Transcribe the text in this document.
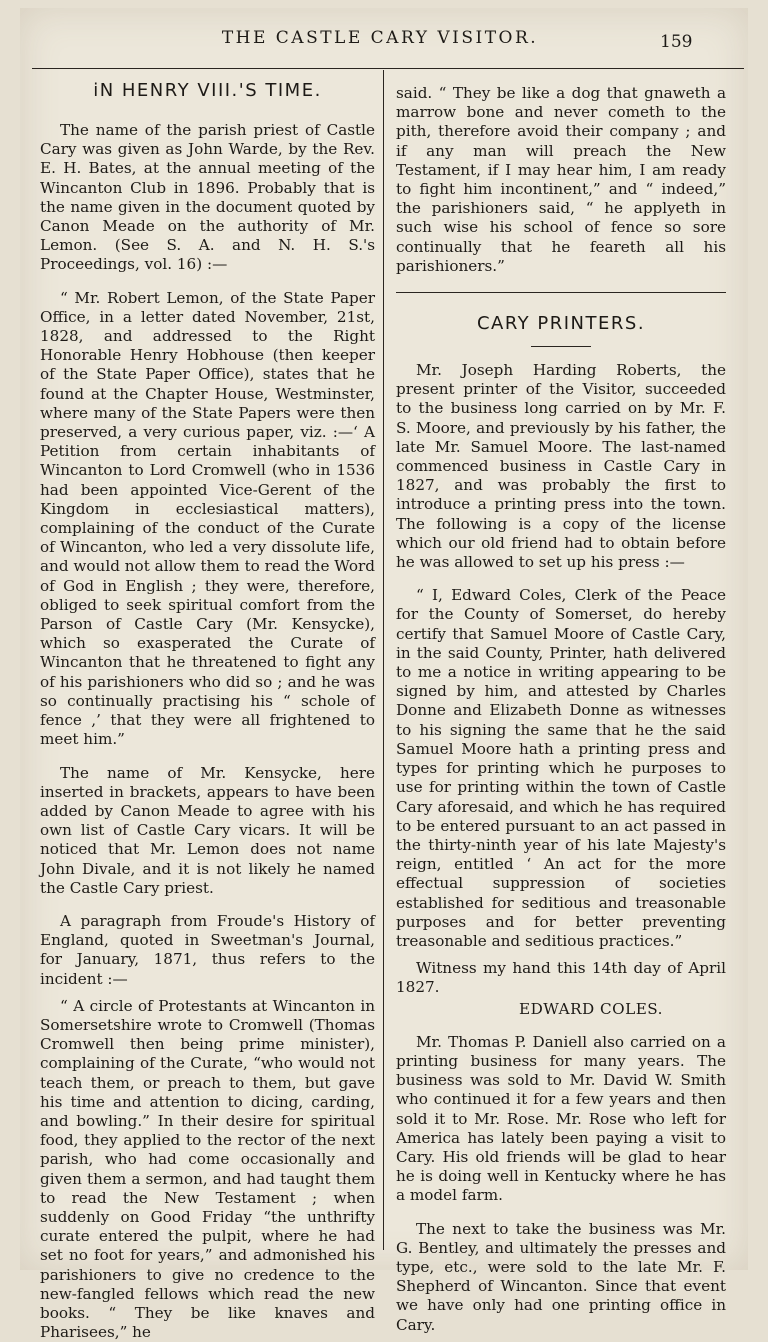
THE CASTLE CARY VISITOR.	159
iN HENRY VIII.'S TIME.

The name of the parish priest of Castle Cary was given as John Warde, by the Rev. E. H. Bates, at the annual meeting of the Wincanton Club in 1896. Probably that is the name given in the document quoted by Canon Meade on the authority of Mr. Lemon. (See S. A. and N. H. S.'s Proceedings, vol. 16) :—

“ Mr. Robert Lemon, of the State Paper Office, in a letter dated November, 21st, 1828, and addressed to the Right Honorable Henry Hobhouse (then keeper of the State Paper Office), states that he found at the Chapter House, Westminster, where many of the State Papers were then preserved, a very curious paper, viz. :—‘ A Petition from certain inhabitants of Wincanton to Lord Cromwell (who in 1536 had been appointed Vice-Gerent of the Kingdom in ecclesiastical matters), complaining of the conduct of the Curate of Wincanton, who led a very dissolute life, and would not allow them to read the Word of God in English ; they were, therefore, obliged to seek spiritual comfort from the Parson of Castle Cary (Mr. Kensycke), which so exasperated the Curate of Wincanton that he threatened to fight any of his parishioners who did so ; and he was so continually practising his “ schole of fence ,’ that they were all frightened to meet him.”

The name of Mr. Kensycke, here inserted in brackets, appears to have been added by Canon Meade to agree with his own list of Castle Cary vicars. It will be noticed that Mr. Lemon does not name John Divale, and it is not likely he named the Castle Cary priest.

A paragraph from Froude's History of England, quoted in Sweetman's Journal, for January, 1871, thus refers to the incident :—

“ A circle of Protestants at Wincanton in Somersetshire wrote to Cromwell (Thomas Cromwell then being prime minister), complaining of the Curate, “who would not teach them, or preach to them, but gave his time and attention to dicing, carding, and bowling.” In their desire for spiritual food, they applied to the rector of the next parish, who had come occasionally and given them a sermon, and had taught them to read the New Testament ; when suddenly on Good Friday “the unthrifty curate entered the pulpit, where he had set no foot for years,” and admonished his parishioners to give no credence to the new-fangled fellows which read the new books. “ They be like knaves and Pharisees,” he

said. “ They be like a dog that gnaweth a marrow bone and never cometh to the pith, therefore avoid their company ; and if any man will preach the New Testament, if I may hear him, I am ready to fight him incontinent,” and “ indeed,” the parishioners said, “ he applyeth in such wise his school of fence so sore continually that he feareth all his parishioners.”

CARY PRINTERS.

Mr. Joseph Harding Roberts, the present printer of the Visitor, succeeded to the business long carried on by Mr. F. S. Moore, and previously by his father, the late Mr. Samuel Moore. The last-named commenced business in Castle Cary in 1827, and was probably the first to introduce a printing press into the town. The following is a copy of the license which our old friend had to obtain before he was allowed to set up his press :—

“ I, Edward Coles, Clerk of the Peace for the County of Somerset, do hereby certify that Samuel Moore of Castle Cary, in the said County, Printer, hath delivered to me a notice in writing appearing to be signed by him, and attested by Charles Donne and Elizabeth Donne as witnesses to his signing the same that he the said Samuel Moore hath a printing press and types for printing which he purposes to use for printing within the town of Castle Cary aforesaid, and which he has required to be entered pursuant to an act passed in the thirty-ninth year of his late Majesty's reign, entitled ‘ An act for the more effectual suppression of societies established for seditious and treasonable purposes and for better preventing treasonable and seditious practices.”

Witness my hand this 14th day of April 1827.

EDWARD COLES.

Mr. Thomas P. Daniell also carried on a printing business for many years. The business was sold to Mr. David W. Smith who continued it for a few years and then sold it to Mr. Rose. Mr. Rose who left for America has lately been paying a visit to Cary. His old friends will be glad to hear he is doing well in Kentucky where he has a model farm.

The next to take the business was Mr. G. Bentley, and ultimately the presses and type, etc., were sold to the late Mr. F. Shepherd of Wincanton. Since that event we have only had one printing office in Cary.
